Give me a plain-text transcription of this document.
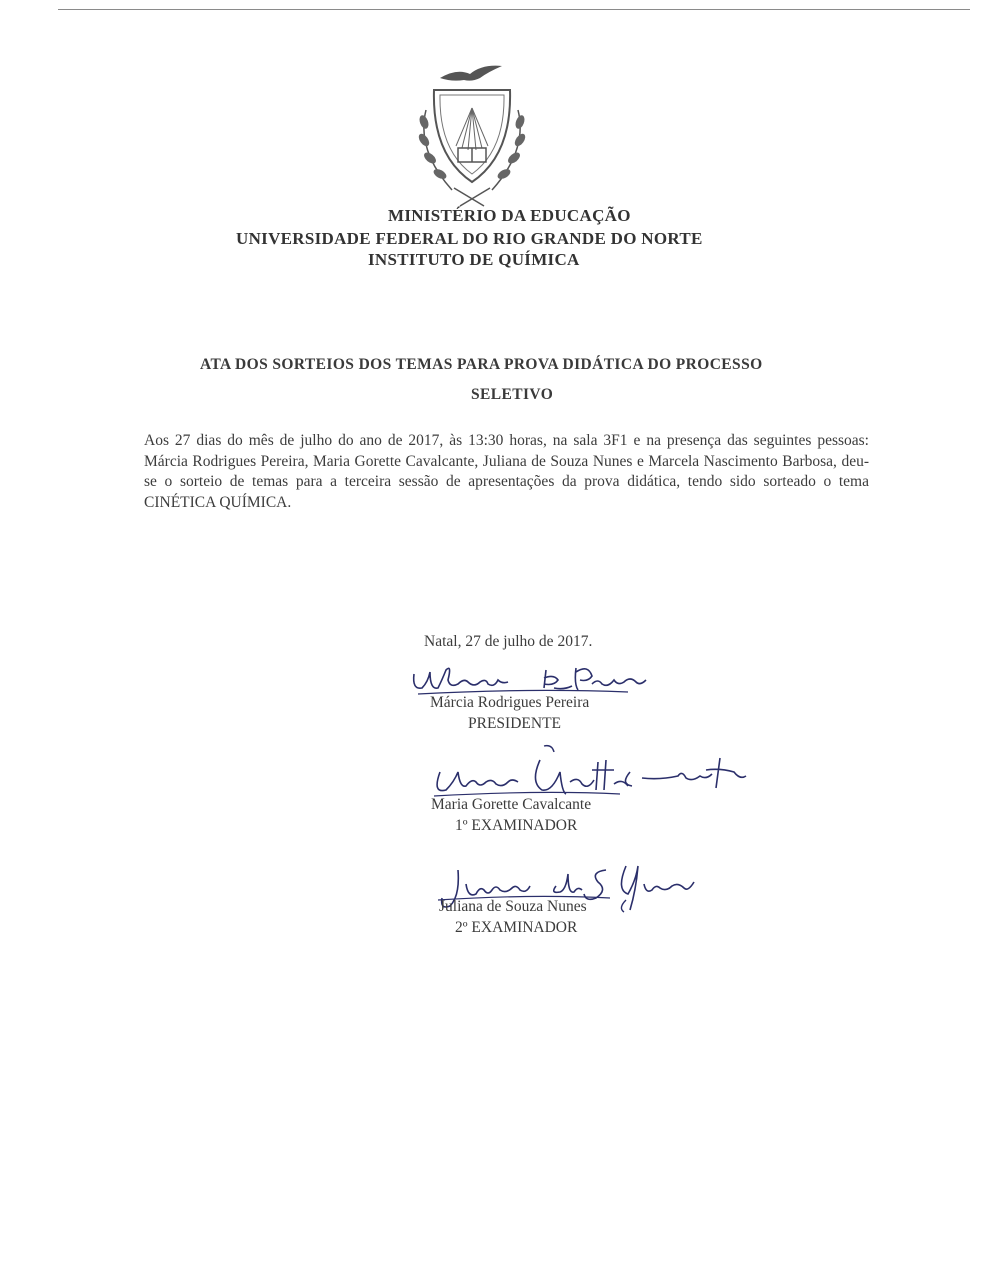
MINISTÉRIO DA EDUCAÇÃO
UNIVERSIDADE FEDERAL DO RIO GRANDE DO NORTE
INSTITUTO DE QUÍMICA
ATA DOS SORTEIOS DOS TEMAS PARA PROVA DIDÁTICA DO PROCESSO
SELETIVO
Aos 27 dias do mês de julho do ano de 2017, às 13:30 horas, na sala 3F1 e na presença das seguintes pessoas: Márcia Rodrigues Pereira, Maria Gorette Cavalcante, Juliana de Souza Nunes e Marcela Nascimento Barbosa, deu-se o sorteio de temas para a terceira sessão de apresentações da prova didática, tendo sido sorteado o tema CINÉTICA QUÍMICA.
Natal, 27 de julho de 2017.
Márcia Rodrigues Pereira
PRESIDENTE
Maria Gorette Cavalcante
1º EXAMINADOR
Juliana de Souza Nunes
2º EXAMINADOR
